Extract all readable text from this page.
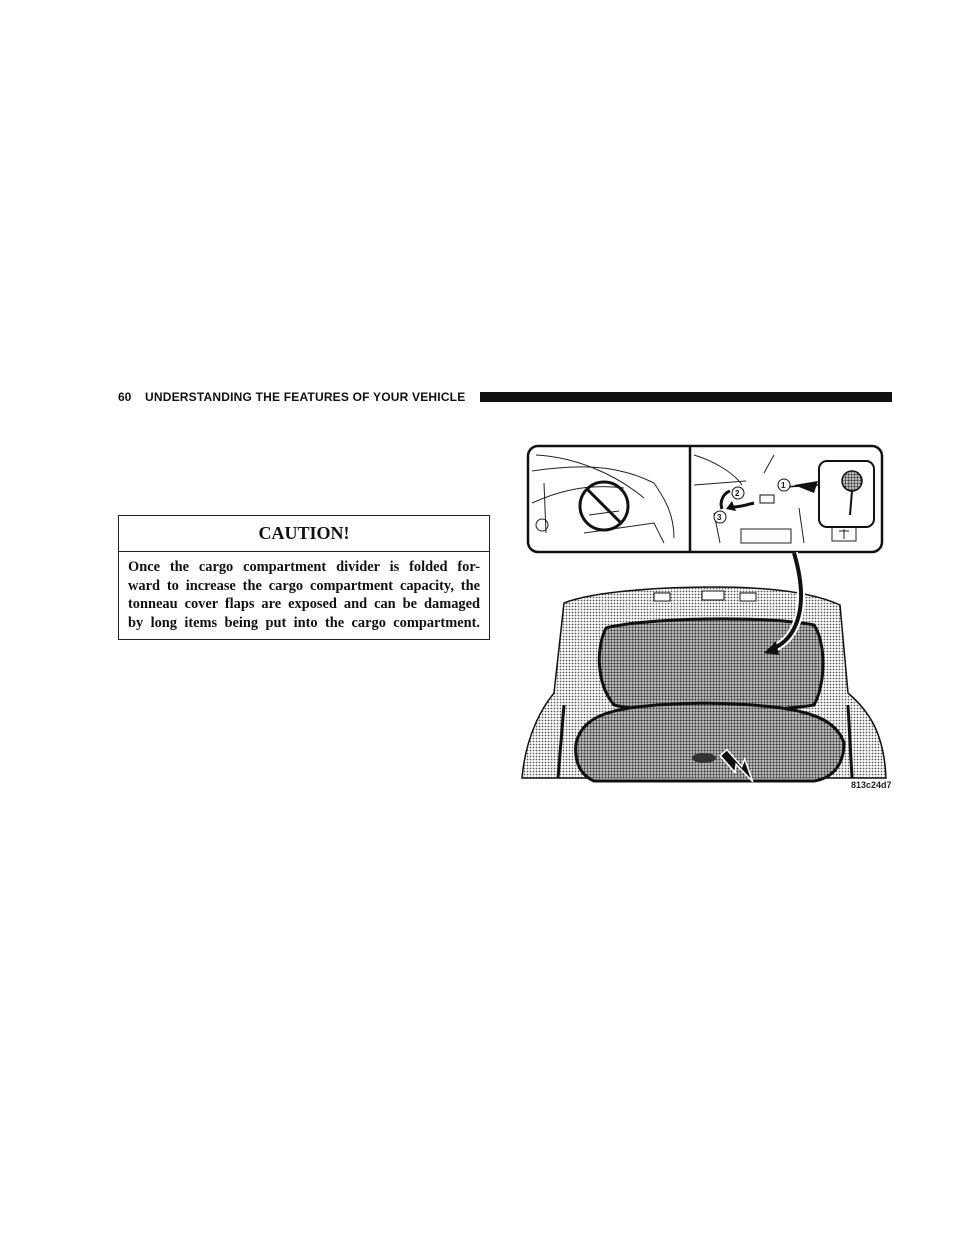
60 UNDERSTANDING THE FEATURES OF YOUR VEHICLE
CAUTION!
Once the cargo compartment divider is folded for-
ward to increase the cargo compartment capacity, the
tonneau cover flaps are exposed and can be damaged
by long items being put into the cargo compartment.
1
2
3
813c24d7
